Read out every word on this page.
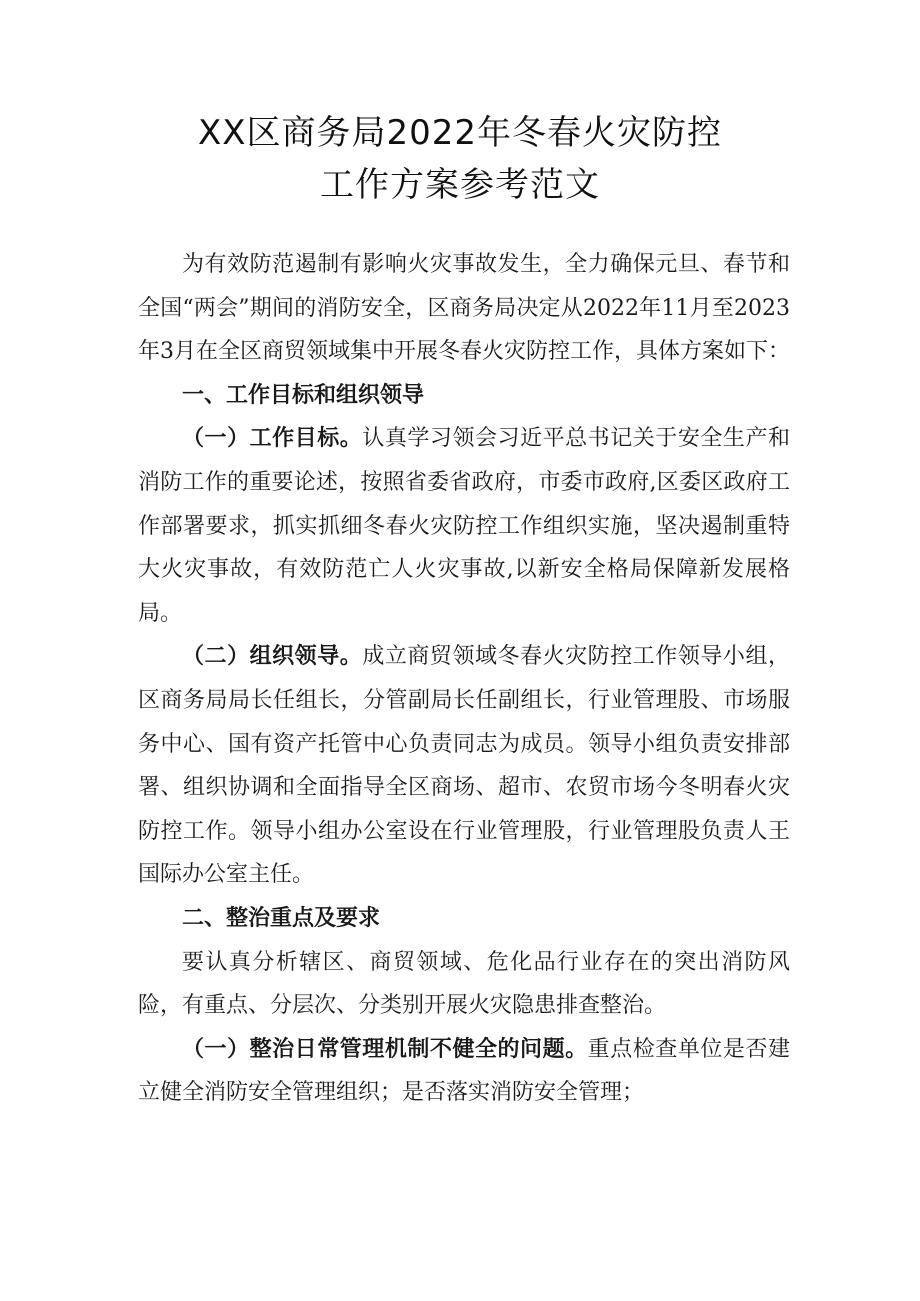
XX区商务局2022年冬春火灾防控
工作方案参考范文

为有效防范遏制有影响火灾事故发生，全力确保元旦、春节和全国“两会”期间的消防安全，区商务局决定从2022年11月至2023年3月在全区商贸领域集中开展冬春火灾防控工作，具体方案如下：

一、工作目标和组织领导

（一）工作目标。认真学习领会习近平总书记关于安全生产和消防工作的重要论述，按照省委省政府，市委市政府,区委区政府工作部署要求，抓实抓细冬春火灾防控工作组织实施，坚决遏制重特大火灾事故，有效防范亡人火灾事故,以新安全格局保障新发展格局。

（二）组织领导。成立商贸领域冬春火灾防控工作领导小组，区商务局局长任组长，分管副局长任副组长，行业管理股、市场服务中心、国有资产托管中心负责同志为成员。领导小组负责安排部署、组织协调和全面指导全区商场、超市、农贸市场今冬明春火灾防控工作。领导小组办公室设在行业管理股，行业管理股负责人王国际办公室主任。

二、整治重点及要求

要认真分析辖区、商贸领域、危化品行业存在的突出消防风险，有重点、分层次、分类别开展火灾隐患排查整治。

（一）整治日常管理机制不健全的问题。重点检查单位是否建立健全消防安全管理组织；是否落实消防安全管理；
